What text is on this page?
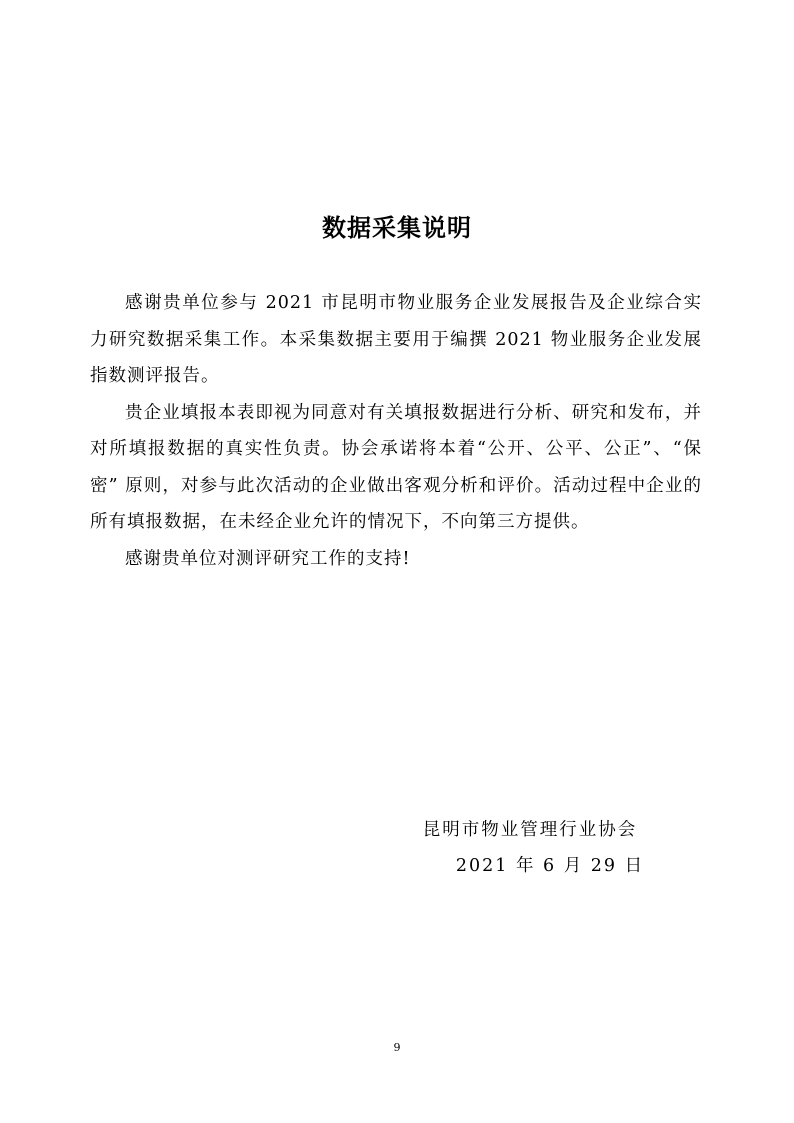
数据采集说明

感谢贵单位参与 2021 市昆明市物业服务企业发展报告及企业综合实力研究数据采集工作。本采集数据主要用于编撰 2021 物业服务企业发展指数测评报告。

贵企业填报本表即视为同意对有关填报数据进行分析、研究和发布，并对所填报数据的真实性负责。协会承诺将本着“公开、公平、公正”、“保密” 原则，对参与此次活动的企业做出客观分析和评价。活动过程中企业的所有填报数据，在未经企业允许的情况下，不向第三方提供。

感谢贵单位对测评研究工作的支持!

昆明市物业管理行业协会
2021 年 6 月 29 日
9
